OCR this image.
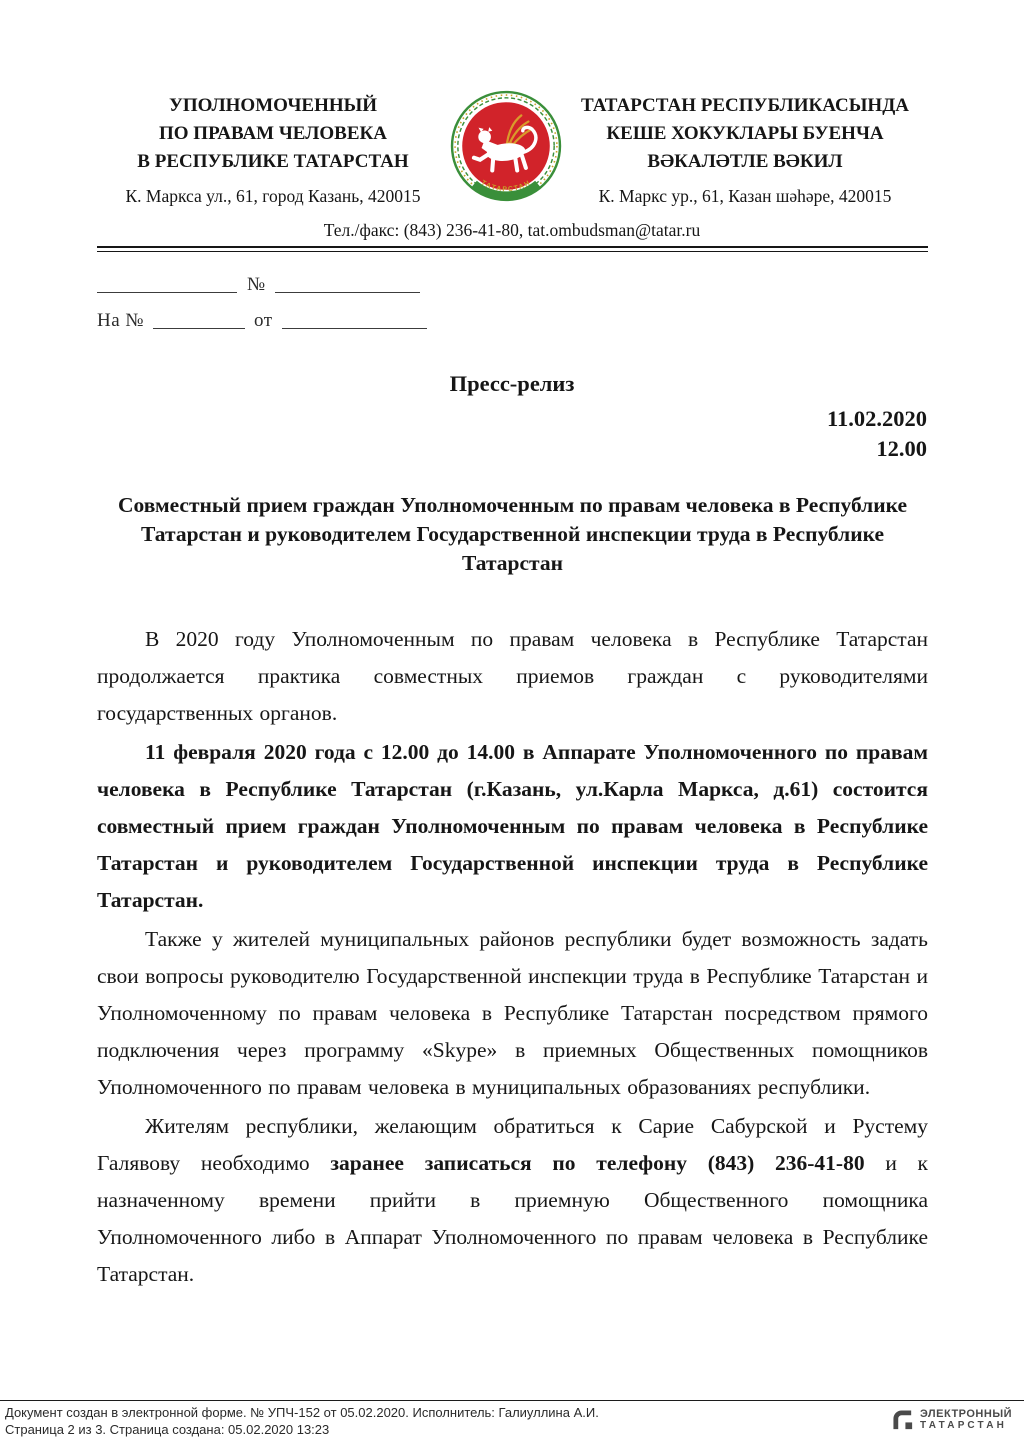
УПОЛНОМОЧЕННЫЙ
ПО ПРАВАМ ЧЕЛОВЕКА
В РЕСПУБЛИКЕ ТАТАРСТАН
К. Маркса ул., 61, город Казань, 420015
ТАТАРСТАН
ТАТАРСТАН РЕСПУБЛИКАСЫНДА
КЕШЕ ХОКУКЛАРЫ БУЕНЧА
ВӘКАЛӘТЛЕ ВӘКИЛ
К. Маркс ур., 61, Казан шәһәре, 420015
Тел./факс: (843) 236-41-80, tat.ombudsman@tatar.ru
№
На №	от
Пресс-релиз
11.02.2020
12.00
Совместный прием граждан Уполномоченным по правам человека в Республике Татарстан и руководителем Государственной инспекции труда в Республике Татарстан

В 2020 году Уполномоченным по правам человека в Республике Татарстан продолжается практика совместных приемов граждан с руководителями государственных органов.

11 февраля 2020 года с 12.00 до 14.00 в Аппарате Уполномоченного по правам человека в Республике Татарстан (г.Казань, ул.Карла Маркса, д.61) состоится совместный прием граждан Уполномоченным по правам человека в Республике Татарстан и руководителем Государственной инспекции труда в Республике Татарстан.

Также у жителей муниципальных районов республики будет возможность задать свои вопросы руководителю Государственной инспекции труда в Республике Татарстан и Уполномоченному по правам человека в Республике Татарстан посредством прямого подключения через программу «Skype» в приемных Общественных помощников Уполномоченного по правам человека в муниципальных образованиях республики.

Жителям республики, желающим обратиться к Сарие Сабурской и Рустему Галявову необходимо заранее записаться по телефону (843) 236-41-80 и к назначенному времени прийти в приемную Общественного помощника Уполномоченного либо в Аппарат Уполномоченного по правам человека в Республике Татарстан.

Документ создан в электронной форме. № УПЧ-152 от 05.02.2020. Исполнитель: Галиуллина А.И.
Страница 2 из 3. Страница создана: 05.02.2020 13:23
ЭЛЕКТРОННЫЙ
ТАТАРСТАН
